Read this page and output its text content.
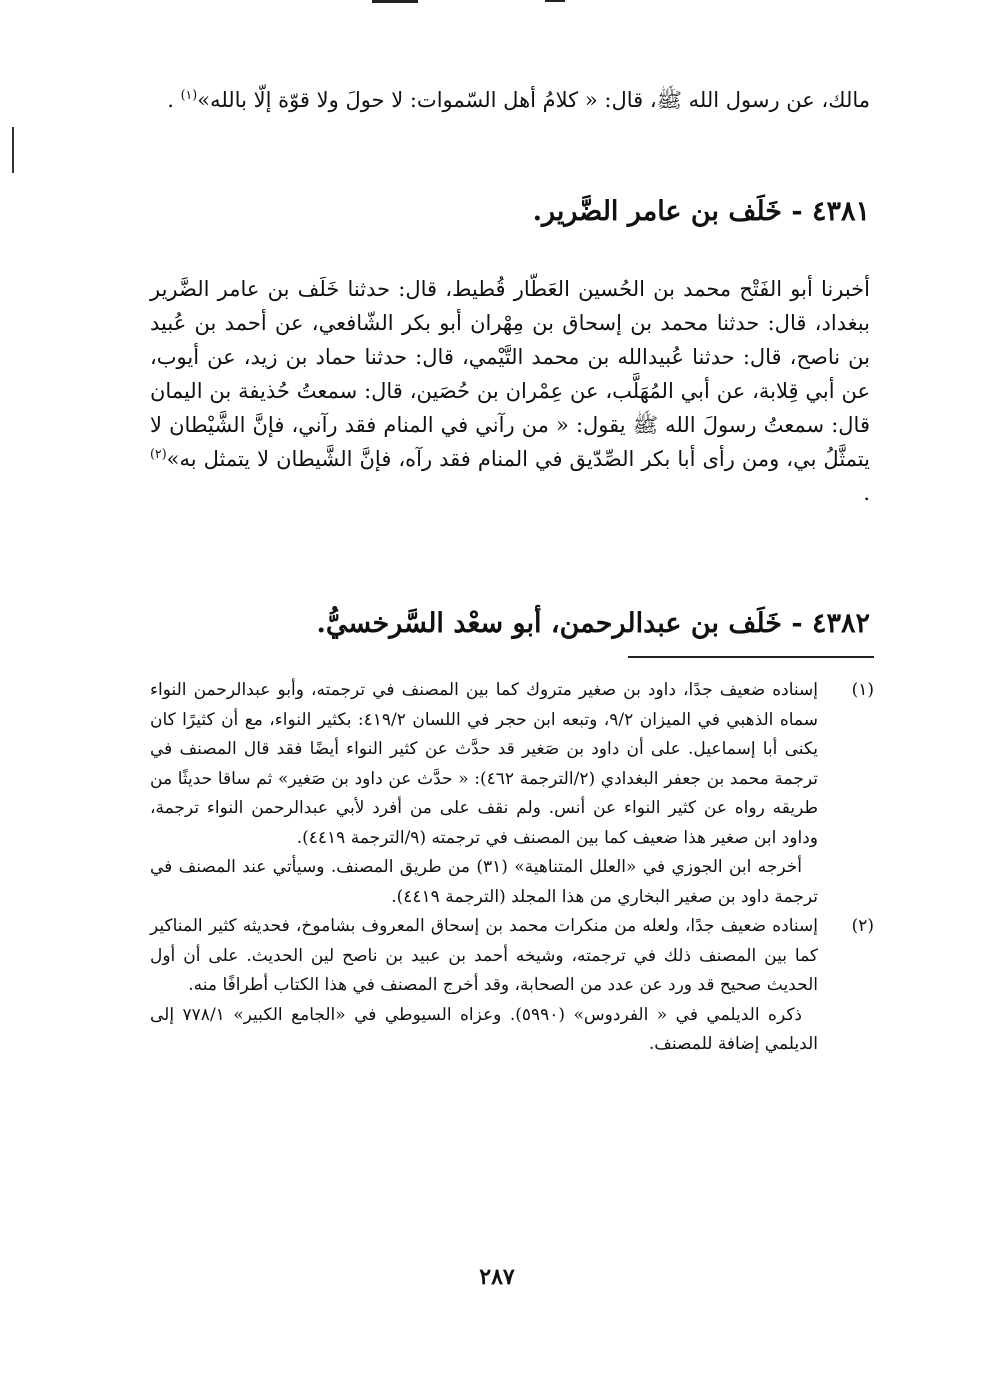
مالك، عن رسول الله ﷺ، قال: « كلامُ أهل السّموات: لا حولَ ولا قوّة إلّا بالله»$^{(١)}$ .

٤٣٨١ - خَلَف بن عامر الضَّرير.

أخبرنا أبو الفَتْح محمد بن الحُسين العَطّار قُطيط، قال: حدثنا خَلَف بن عامر الضَّرير ببغداد، قال: حدثنا محمد بن إسحاق بن مِهْران أبو بكر الشّافعي، عن أحمد بن عُبيد بن ناصح، قال: حدثنا عُبيدالله بن محمد التَّيْمي، قال: حدثنا حماد بن زيد، عن أيوب، عن أبي قِلابة، عن أبي المُهَلَّب، عن عِمْران بن حُصَين، قال: سمعتُ حُذيفة بن اليمان قال: سمعتُ رسولَ الله ﷺ يقول: « من رآني في المنام فقد رآني، فإنَّ الشَّيْطان لا يتمثَّلُ بي، ومن رأى أبا بكر الصِّدّيق في المنام فقد رآه، فإنَّ الشَّيطان لا يتمثل به»$^{(٢)}$ .

٤٣٨٢ - خَلَف بن عبدالرحمن، أبو سعْد السَّرخسيُّ.
(١)
إسناده ضعيف جدًا، داود بن صغير متروك كما بين المصنف في ترجمته، وأبو عبدالرحمن النواء سماه الذهبي في الميزان ٩/٢، وتبعه ابن حجر في اللسان ٤١٩/٢: بكثير النواء، مع أن كثيرًا كان يكنى أبا إسماعيل. على أن داود بن صَغير قد حدَّث عن كثير النواء أيضًا فقد قال المصنف في ترجمة محمد بن جعفر البغدادي (٢/الترجمة ٤٦٢): « حدَّث عن داود بن صَغير» ثم ساقا حديثًا من طريقه رواه عن كثير النواء عن أنس. ولم نقف على من أفرد لأبي عبدالرحمن النواء ترجمة، وداود ابن صغير هذا ضعيف كما بين المصنف في ترجمته (٩/الترجمة ٤٤١٩).
أخرجه ابن الجوزي في «العلل المتناهية» (٣١) من طريق المصنف. وسيأتي عند المصنف في ترجمة داود بن صغير البخاري من هذا المجلد (الترجمة ٤٤١٩).
(٢)
إسناده ضعيف جدًا، ولعله من منكرات محمد بن إسحاق المعروف بشاموخ، فحديثه كثير المناكير كما بين المصنف ذلك في ترجمته، وشيخه أحمد بن عبيد بن ناصح لين الحديث. على أن أول الحديث صحيح قد ورد عن عدد من الصحابة، وقد أخرج المصنف في هذا الكتاب أطرافًا منه.
ذكره الديلمي في « الفردوس» (٥٩٩٠). وعزاه السيوطي في «الجامع الكبير» ٧٧٨/١ إلى الديلمي إضافة للمصنف.
٢٨٧
